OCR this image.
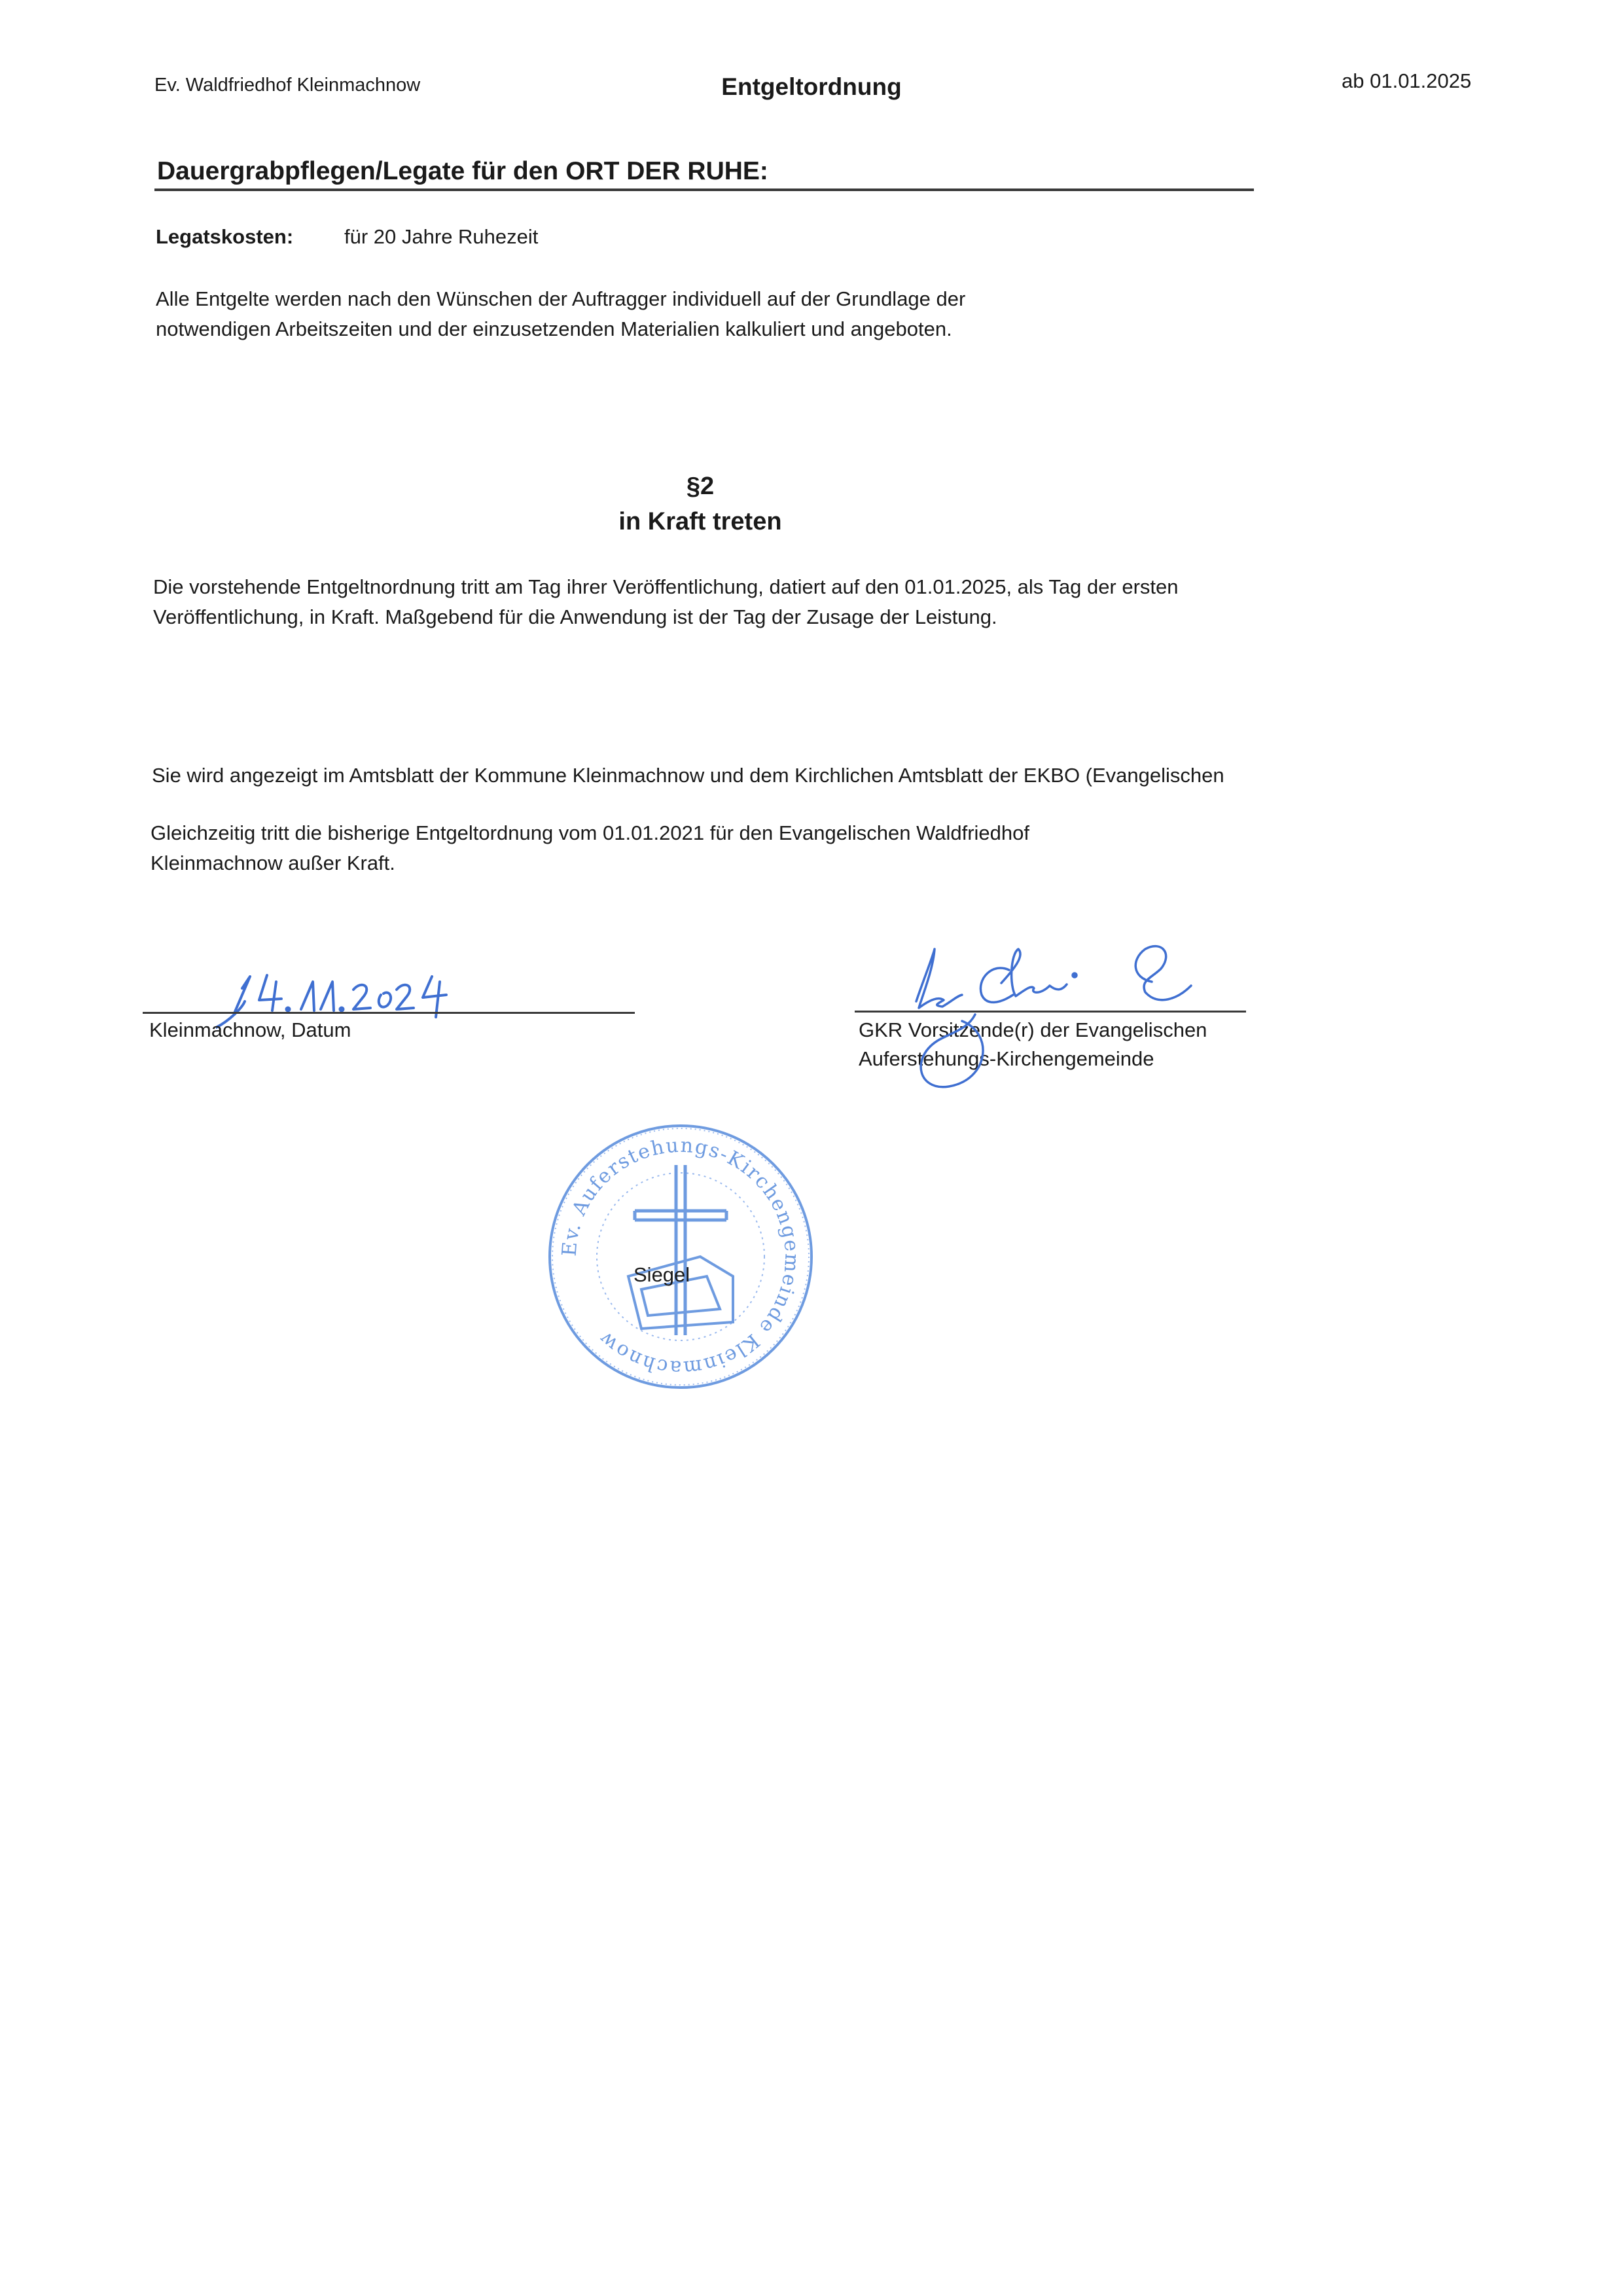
Ev. Waldfriedhof Kleinmachnow	Entgeltordnung	ab 01.01.2025
Dauergrabpflegen/Legate für den ORT DER RUHE:
Legatskosten:	für 20 Jahre Ruhezeit
Alle Entgelte werden nach den Wünschen der Auftragger individuell auf der Grundlage der notwendigen Arbeitszeiten und der einzusetzenden Materialien kalkuliert und angeboten.
§2
in Kraft treten
Die vorstehende Entgeltnordnung tritt am Tag ihrer Veröffentlichung, datiert auf den 01.01.2025, als Tag der ersten Veröffentlichung, in Kraft. Maßgebend für die Anwendung ist der Tag der Zusage der Leistung.
Sie wird angezeigt im Amtsblatt der Kommune Kleinmachnow und dem Kirchlichen Amtsblatt der EKBO (Evangelischen
Gleichzeitig tritt die bisherige Entgeltordnung vom 01.01.2021 für den Evangelischen Waldfriedhof Kleinmachnow außer Kraft.
Kleinmachnow, Datum	GKR Vorsitzende(r) der Evangelischen Auferstehungs-Kirchengemeinde
Ev. Auferstehungs-Kirchengemeinde Kleinmachnow
Siegel
